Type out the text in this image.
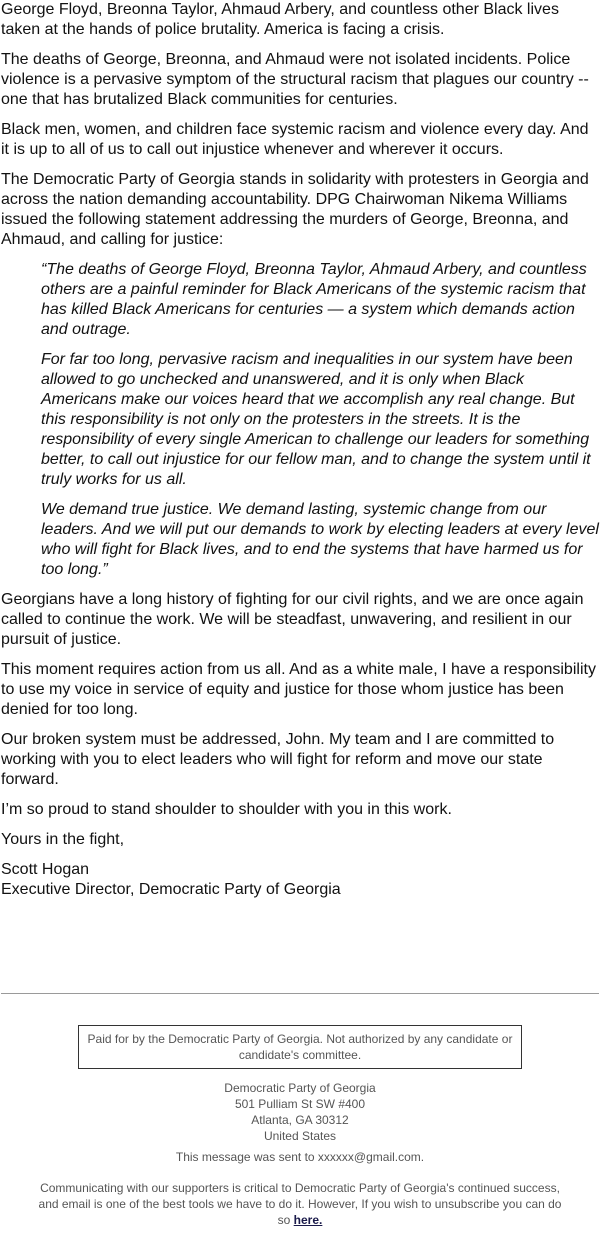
George Floyd, Breonna Taylor, Ahmaud Arbery, and countless other Black lives taken at the hands of police brutality. America is facing a crisis.

The deaths of George, Breonna, and Ahmaud were not isolated incidents. Police violence is a pervasive symptom of the structural racism that plagues our country -- one that has brutalized Black communities for centuries.

Black men, women, and children face systemic racism and violence every day. And it is up to all of us to call out injustice whenever and wherever it occurs.

The Democratic Party of Georgia stands in solidarity with protesters in Georgia and across the nation demanding accountability. DPG Chairwoman Nikema Williams issued the following statement addressing the murders of George, Breonna, and Ahmaud, and calling for justice:

“The deaths of George Floyd, Breonna Taylor, Ahmaud Arbery, and countless others are a painful reminder for Black Americans of the systemic racism that has killed Black Americans for centuries — a system which demands action and outrage.

For far too long, pervasive racism and inequalities in our system have been allowed to go unchecked and unanswered, and it is only when Black Americans make our voices heard that we accomplish any real change. But this responsibility is not only on the protesters in the streets. It is the responsibility of every single American to challenge our leaders for something better, to call out injustice for our fellow man, and to change the system until it truly works for us all.

We demand true justice. We demand lasting, systemic change from our leaders. And we will put our demands to work by electing leaders at every level who will fight for Black lives, and to end the systems that have harmed us for too long.”

Georgians have a long history of fighting for our civil rights, and we are once again called to continue the work. We will be steadfast, unwavering, and resilient in our pursuit of justice.

This moment requires action from us all. And as a white male, I have a responsibility to use my voice in service of equity and justice for those whom justice has been denied for too long.

Our broken system must be addressed, John. My team and I are committed to working with you to elect leaders who will fight for reform and move our state forward.

I’m so proud to stand shoulder to shoulder with you in this work.

Yours in the fight,

Scott Hogan
Executive Director, Democratic Party of Georgia
Paid for by the Democratic Party of Georgia. Not authorized by any candidate or candidate's committee.
Democratic Party of Georgia
501 Pulliam St SW #400
Atlanta, GA 30312
United States
This message was sent to xxxxxx@gmail.com.
Communicating with our supporters is critical to Democratic Party of Georgia's continued success, and email is one of the best tools we have to do it. However, If you wish to unsubscribe you can do so here.
